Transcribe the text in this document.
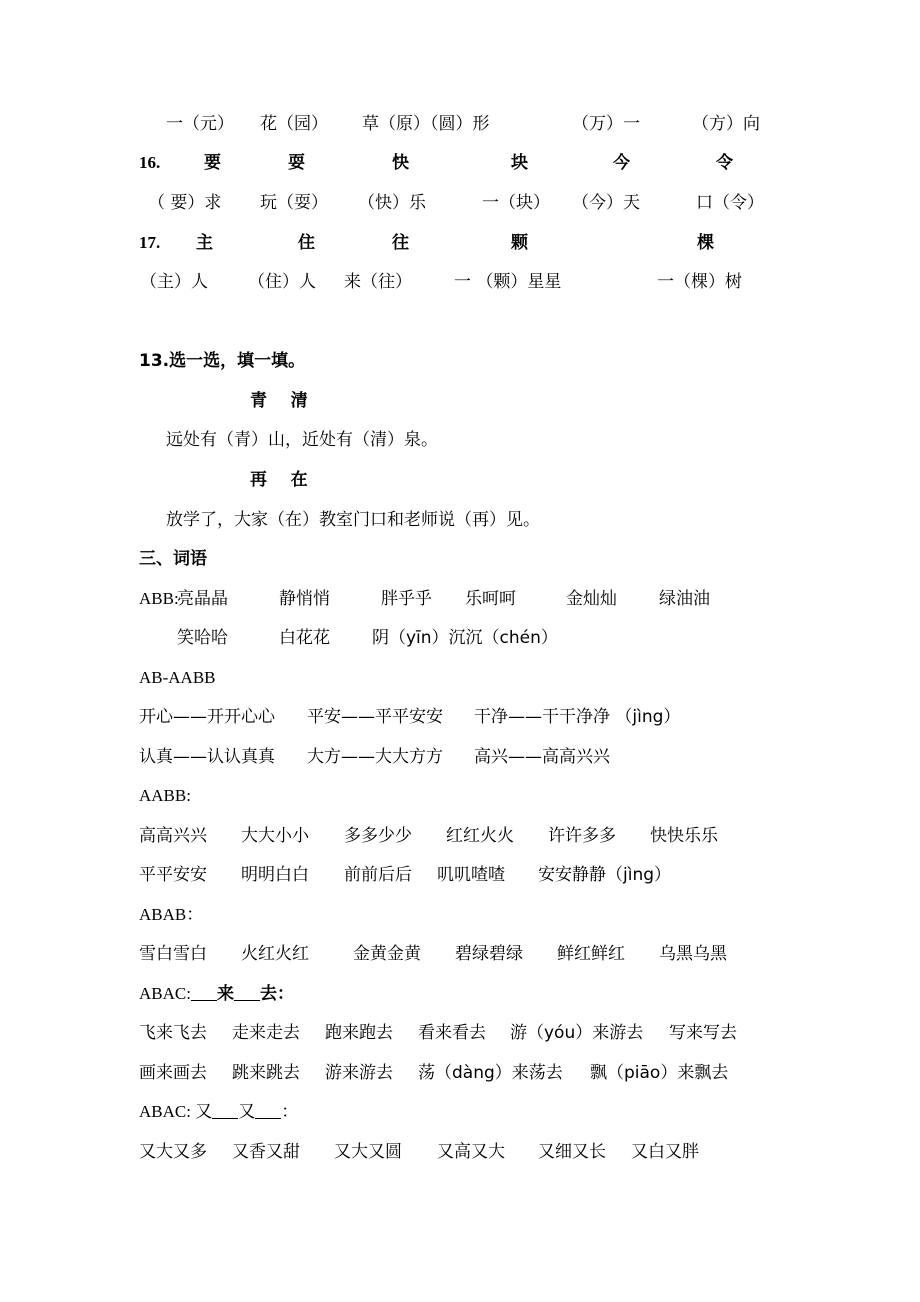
一（元） 花（园） 草（原）（圆）形	（万）一	（方）向
16.	要	耍	快	块	今	令
（ 要）求 玩（耍） （快）乐	一（块） （今）天	口（令）
17. 主	住	往	颗	棵
（主）人 （住）人 来（往） 一 （颗）星星	一（棵）树
13.选一选，填一填。
青    清
远处有（青）山，近处有（清）泉。
再    在
放学了，大家（在）教室门口和老师说（再）见。
三、词语
ABB:
亮晶晶	静悄悄	胖乎乎 乐呵呵	金灿灿 绿油油
笑哈哈	白花花 阴（yīn）沉沉（chén）
AB-AABB
开心——开开心心 平安——平平安安 干净——干干净净 （jìng）
认真——认认真真 大方——大大方方 高兴——高高兴兴
AABB:
高高兴兴 大大小小 多多少少 红红火火 许许多多 快快乐乐
平平安安 明明白白 前前后后 叽叽喳喳 安安静静（jìng）
ABAB：
雪白雪白 火红火红	金黄金黄 碧绿碧绿 鲜红鲜红 乌黑乌黑
ABAC: 来 去：
飞来飞去 走来走去 跑来跑去 看来看去 游（yóu）来游去 写来写去
画来画去 跳来跳去 游来游去 荡（dàng）来荡去 飘（piāo）来飘去
ABAC: 又 又 ：
又大又多 又香又甜 又大又圆 又高又大 又细又长 又白又胖
